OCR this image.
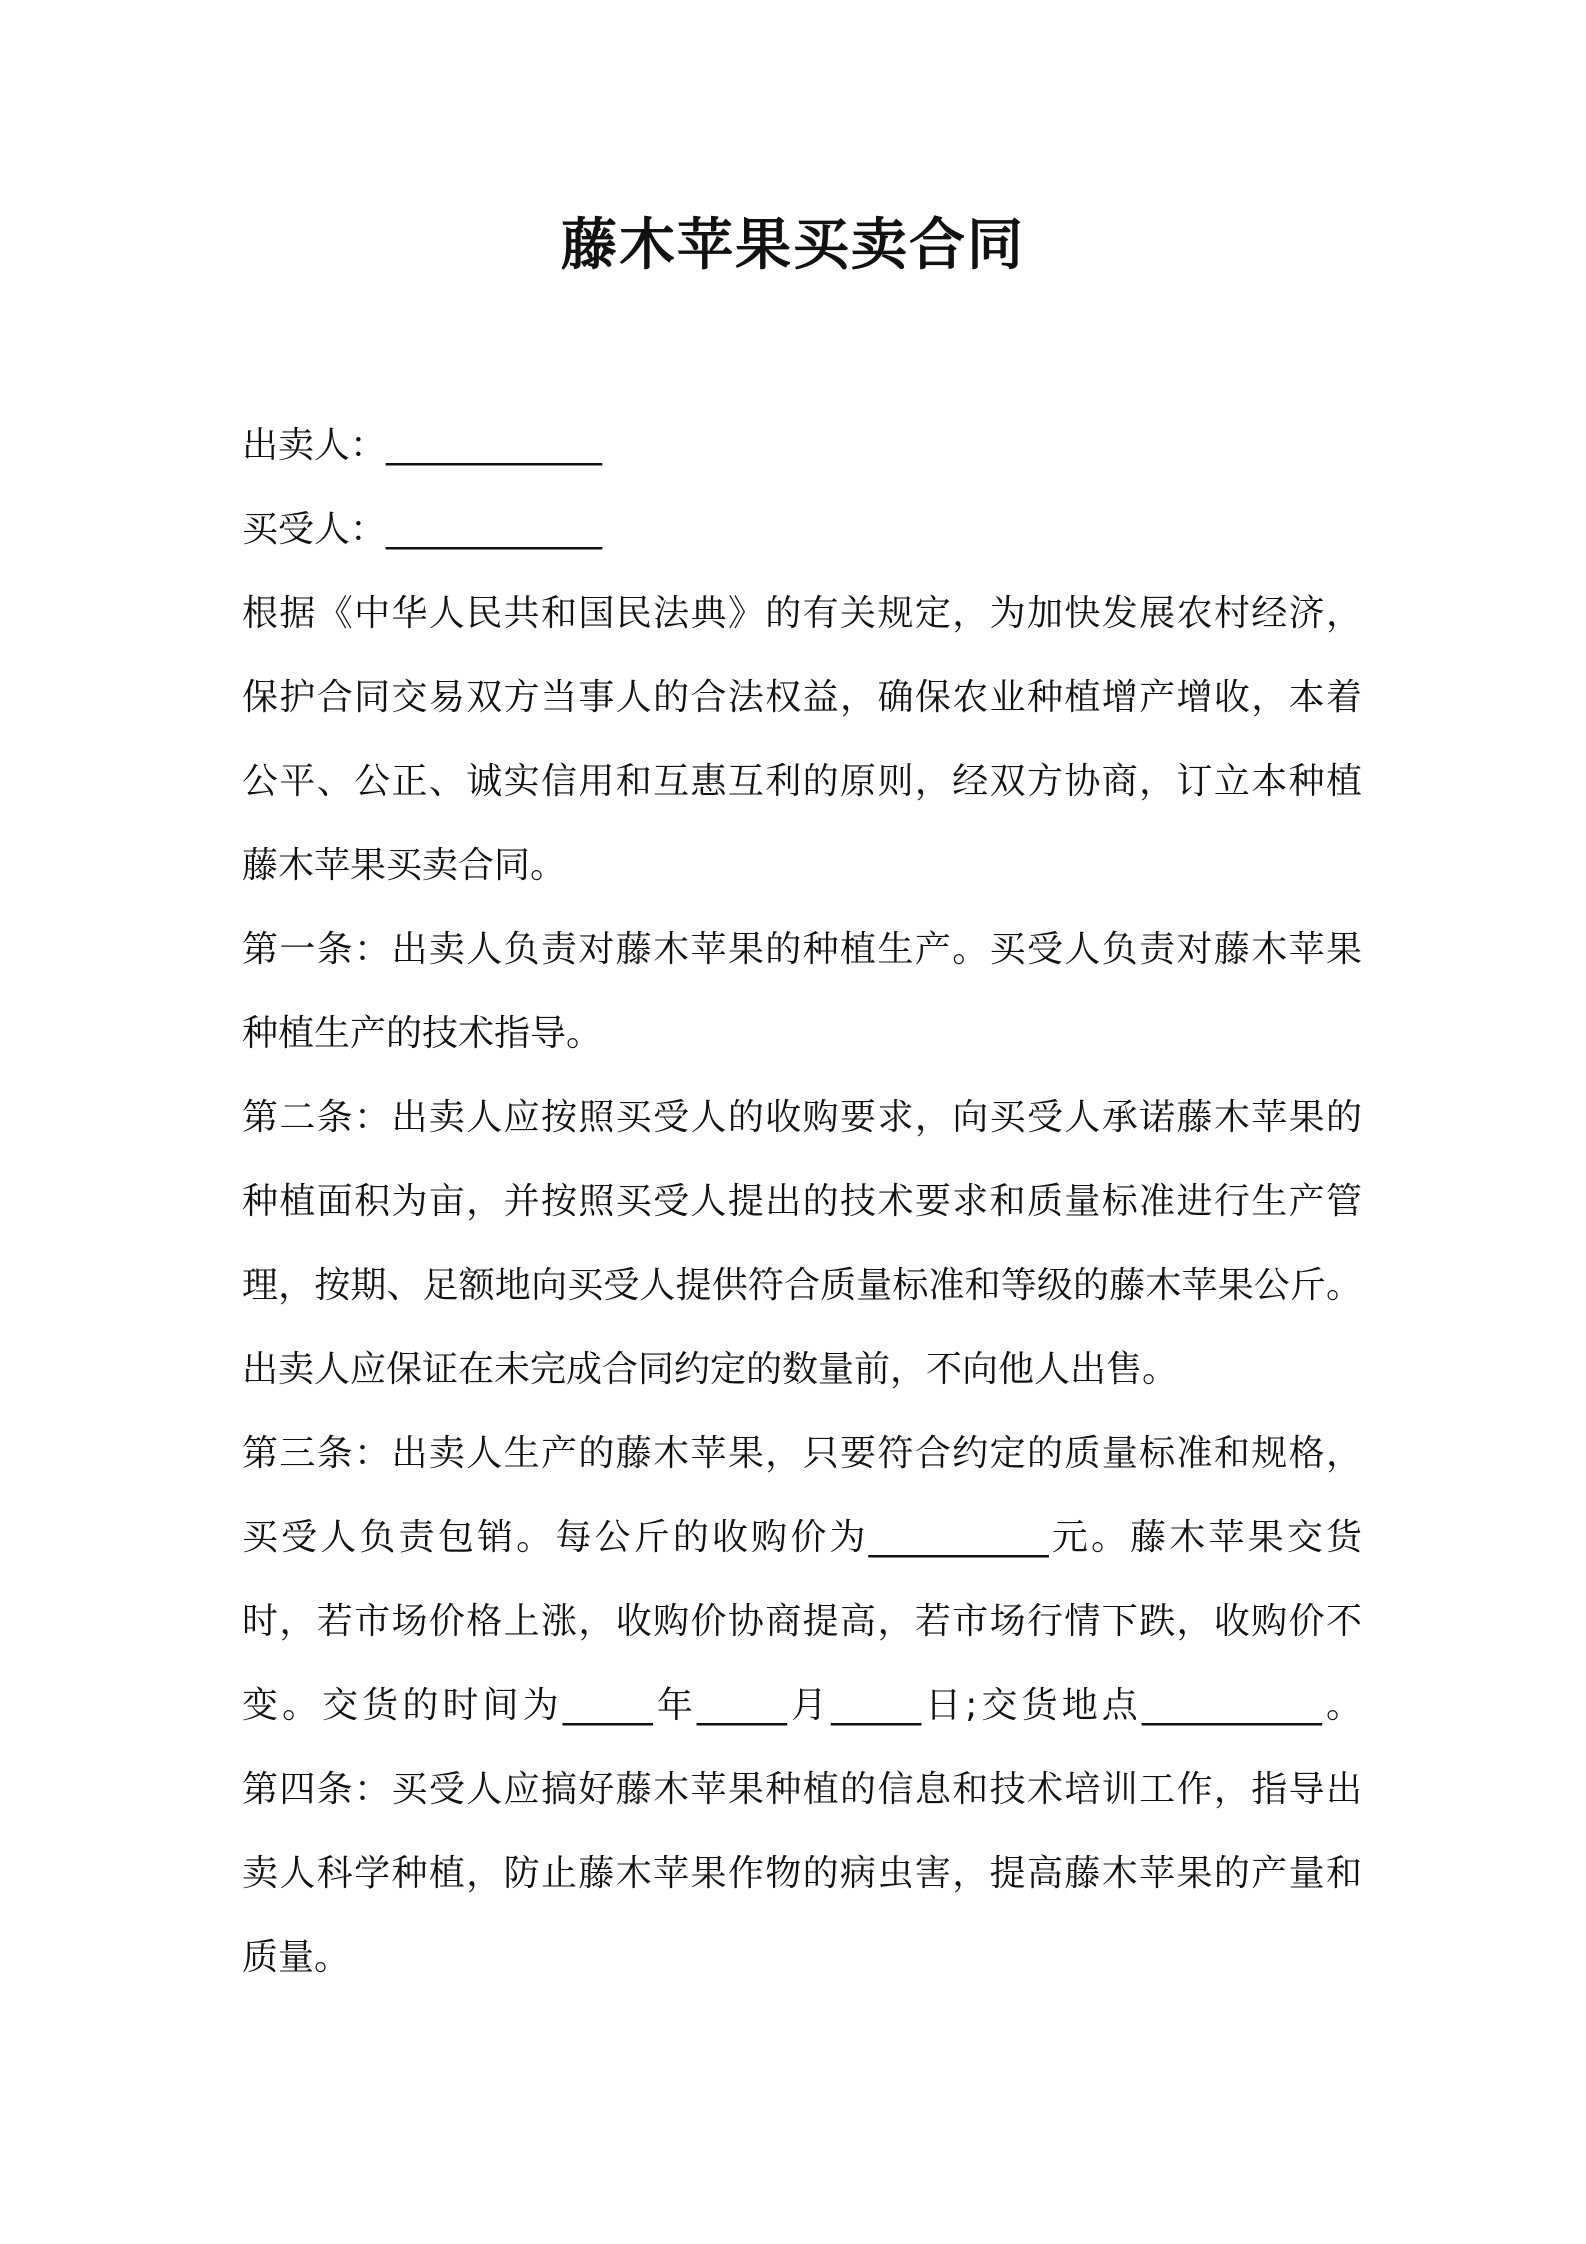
藤木苹果买卖合同
出卖人：____________
买受人：____________
根据《中华人民共和国民法典》的有关规定，为加快发展农村经济，
保护合同交易双方当事人的合法权益，确保农业种植增产增收，本着
公平、公正、诚实信用和互惠互利的原则，经双方协商，订立本种植
藤木苹果买卖合同。
第一条：出卖人负责对藤木苹果的种植生产。买受人负责对藤木苹果
种植生产的技术指导。
第二条：出卖人应按照买受人的收购要求，向买受人承诺藤木苹果的
种植面积为亩，并按照买受人提出的技术要求和质量标准进行生产管
理，按期、足额地向买受人提供符合质量标准和等级的藤木苹果公斤。
出卖人应保证在未完成合同约定的数量前，不向他人出售。
第三条：出卖人生产的藤木苹果，只要符合约定的质量标准和规格，
买受人负责包销。每公斤的收购价为__________元。藤木苹果交货
时，若市场价格上涨，收购价协商提高，若市场行情下跌，收购价不
变。交货的时间为_____年_____月_____日;交货地点__________。
第四条：买受人应搞好藤木苹果种植的信息和技术培训工作，指导出
卖人科学种植，防止藤木苹果作物的病虫害，提高藤木苹果的产量和
质量。
